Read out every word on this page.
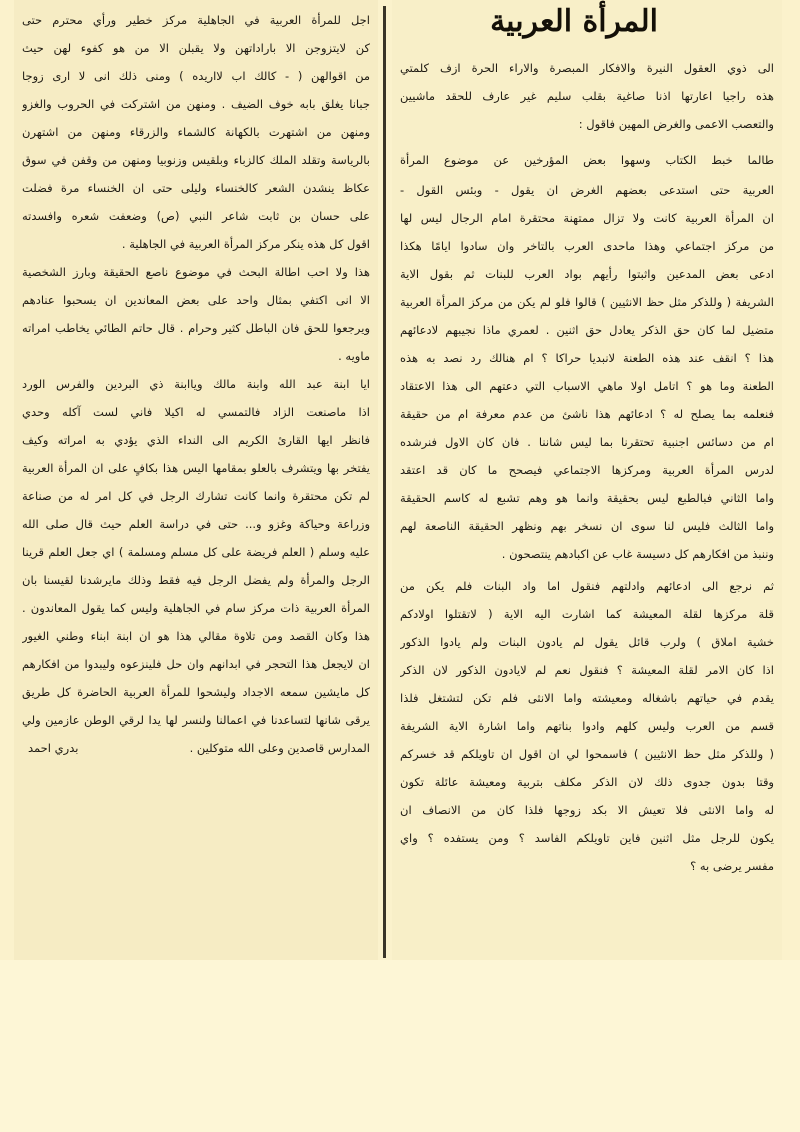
اجل للمرأة العربية في الجاهلية مركز خطير ورأي محترم حتى
كن لايتزوجن الا باراداتهن ولا يقبلن الا من هو كفوء لهن حيث
من اقوالهن ( - كالك اب لااريده ) ومنى ذلك انى لا ارى زوجا
جبانا يغلق بابه خوف الضيف . ومنهن من اشتركت في الحروب والغزو
ومنهن من اشتهرت بالكهانة كالشماء والزرقاء ومنهن من اشتهرن
بالرياسة وتقلد الملك كالزباء وبلقيس وزنوبيا ومنهن من وقفن في سوق
عكاظ ينشدن الشعر كالخنساء وليلى حتى ان الخنساء مرة فضلت
على حسان بن ثابت شاعر النبي (ص) وضعفت شعره وافسدته
اقول كل هذه ينكر مركز المرأة العربية في الجاهلية .
هذا ولا احب اطالة البحث في موضوع ناصع الحقيقة وبارز الشخصية
الا انى اكتفي بمثال واحد على بعض المعاندين ان يسحبوا عنادهم
ويرجعوا للحق فان الباطل كثير وحرام . قال حاتم الطائي يخاطب امراته
ماويه .
ايا ابنة عبد الله وابنة مالك وياابنة ذي البردين والفرس الورد
اذا ماصنعت الزاد فالتمسي له اكيلا فاني لست آكله وحدي
فانظر ايها القارئ الكريم الى النداء الذي يؤدي به امراته وكيف
يفتخر بها ويتشرف بالعلو بمقامها اليس هذا بكافٍ على ان المرأة العربية
لم تكن محتقرة وانما كانت تشارك الرجل في كل امر له من صناعة
وزراعة وحياكة وغزو و... حتى في دراسة العلم حيث قال صلى الله
عليه وسلم ( العلم فريضة على كل مسلم ومسلمة ) اي جعل العلم قرينا
الرجل والمرأة ولم يفضل الرجل فيه فقط وذلك مايرشدنا لقيسنا بان
المرأة العربية ذات مركز سام في الجاهلية وليس كما يقول المعاندون .
هذا وكان القصد ومن تلاوة مقالي هذا هو ان ابنة ابناء وطني الغيور
ان لايجعل هذا التحجر في ابدانهم وان حل فلينزعوه وليبدوا من افكارهم
كل مايشين سمعه الاجداد وليشحوا للمرأة العربية الحاضرة كل طريق
يرقى شانها لتساعدنا في اعمالنا ولنسر لها يدا لرقي الوطن عازمين ولي
المدارس قاصدين وعلى الله متوكلين .
بدري احمد
المرأة العربية
الى ذوي العقول النيرة والافكار المبصرة والاراء الحرة ازف كلمتي
هذه راجيا اعارتها اذنا صاغية بقلب سليم غير عارف للحقد ماشيين
والتعصب الاعمى والغرض المهين فاقول :
طالما خبط الكتاب وسهوا بعض المؤرخين عن موضوع المرأة
العربية حتى استدعى بعضهم الغرض ان يقول - وبئس القول -
ان المرأة العربية كانت ولا تزال ممتهنة محتقرة امام الرجال ليس لها
من مركز اجتماعي وهذا ماحدى العرب بالتاخر وان سادوا ايامًا هكذا
ادعى بعض المدعين واثبتوا رأيهم بواد العرب للبنات ثم بقول الاية
الشريفة ( وللذكر مثل حظ الانثيين ) قالوا فلو لم يكن من مركز المرأة العربية
متضيل لما كان حق الذكر يعادل حق اثنين . لعمري ماذا نجيبهم لادعائهم
هذا ؟ انقف عند هذه الطعنة لانبديا حراكا ؟ ام هنالك رد نصد به هذه
الطعنة وما هو ؟ اتامل اولا ماهي الاسباب التي دعتهم الى هذا الاعتقاد
فنعلمه بما يصلح له ؟ ادعائهم هذا ناشئ من عدم معرفة ام من حقيقة
ام من دسائس اجنبية تحتقرنا بما ليس شاننا . فان كان الاول فنرشده
لدرس المرأة العربية ومركزها الاجتماعي فيصحح ما كان قد اعتقد
واما الثاني فبالطبع ليس بحقيقة وانما هو وهم تشبع له كاسم الحقيقة
واما الثالث فليس لنا سوى ان نسخر بهم ونظهر الحقيقة الناصعة لهم
وننبذ من افكارهم كل دسيسة غاب عن اكبادهم ينتصحون .
ثم نرجع الى ادعائهم وادلتهم فنقول اما واد البنات فلم يكن من
قلة مركزها لقلة المعيشة كما اشارت اليه الاية ( لاتقتلوا اولادكم
خشية املاق ) ولرب قائل يقول لم يادون البنات ولم يادوا الذكور
اذا كان الامر لقلة المعيشة ؟ فنقول نعم لم لايادون الذكور لان الذكر
يقدم في حياتهم باشغاله ومعيشته واما الانثى فلم تكن لتشتغل فلذا
قسم من العرب وليس كلهم وادوا بناتهم واما اشارة الاية الشريفة
( وللذكر مثل حظ الانثيين ) فاسمحوا لي ان اقول ان تاويلكم قد خسركم
وقتا بدون جدوى ذلك لان الذكر مكلف بتربية ومعيشة عائلة تكون
له واما الانثى فلا تعيش الا بكد زوجها فلذا كان من الانصاف ان
يكون للرجل مثل اثنين فاين تاويلكم الفاسد ؟ ومن يستفده ؟ واي
مفسر يرضى به ؟
